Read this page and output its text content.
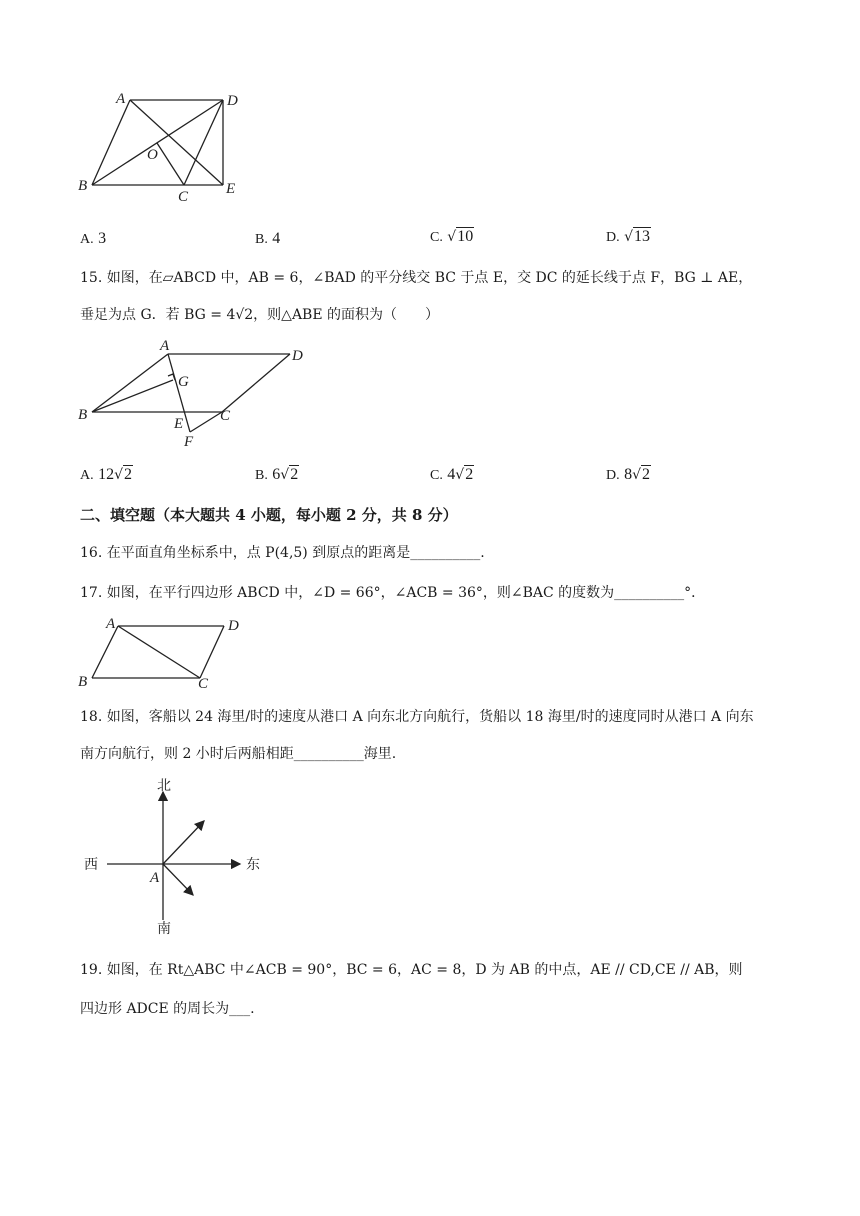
A	D
O
B
C	E
A. 3	B. 4	C. √10	D. √13
15. 如图，在▱ABCD 中，AB = 6，∠BAD 的平分线交 BC 于点 E，交 DC 的延长线于点 F，BG ⊥ AE，
垂足为点 G．若 BG = 4√2，则△ABE 的面积为（　　）
A
D
G
B
E C
F
A. 12√2	B. 6√2	C. 4√2	D. 8√2
二、填空题（本大题共 4 小题，每小题 2 分，共 8 分）
16. 在平面直角坐标系中，点 P(4,5) 到原点的距离是__________.
17. 如图，在平行四边形 ABCD 中，∠D = 66°，∠ACB = 36°，则∠BAC 的度数为__________°．
A	D
B	C
18. 如图，客船以 24 海里/时的速度从港口 A 向东北方向航行，货船以 18 海里/时的速度同时从港口 A 向东
南方向航行，则 2 小时后两船相距__________海里.
北
西	东
南
A
19. 如图，在 Rt△ABC 中∠ACB = 90°，BC = 6，AC = 8，D 为 AB 的中点，AE // CD,CE // AB，则
四边形 ADCE 的周长为___.
